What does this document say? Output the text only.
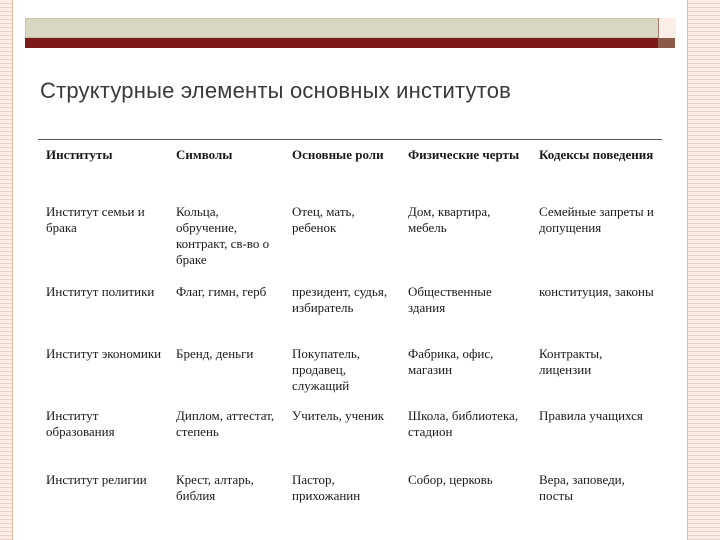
Структурные элементы основных институтов
Институты	Символы	Основные роли	Физические черты	Кодексы поведения
Институт семьи и брака	Кольца, обручение, контракт, св-во о браке	Отец, мать, ребенок	Дом, квартира, мебель	Семейные запреты и допущения
Институт политики	Флаг, гимн, герб	президент, судья, избиратель	Общественные здания	конституция, законы
Институт экономики	Бренд, деньги	Покупатель, продавец, служащий	Фабрика, офис, магазин	Контракты, лицензии
Институт образования	Диплом, аттестат, степень	Учитель, ученик	Школа, библиотека, стадион	Правила учащихся
Институт религии	Крест, алтарь, библия	Пастор, прихожанин	Собор, церковь	Вера, заповеди, посты
